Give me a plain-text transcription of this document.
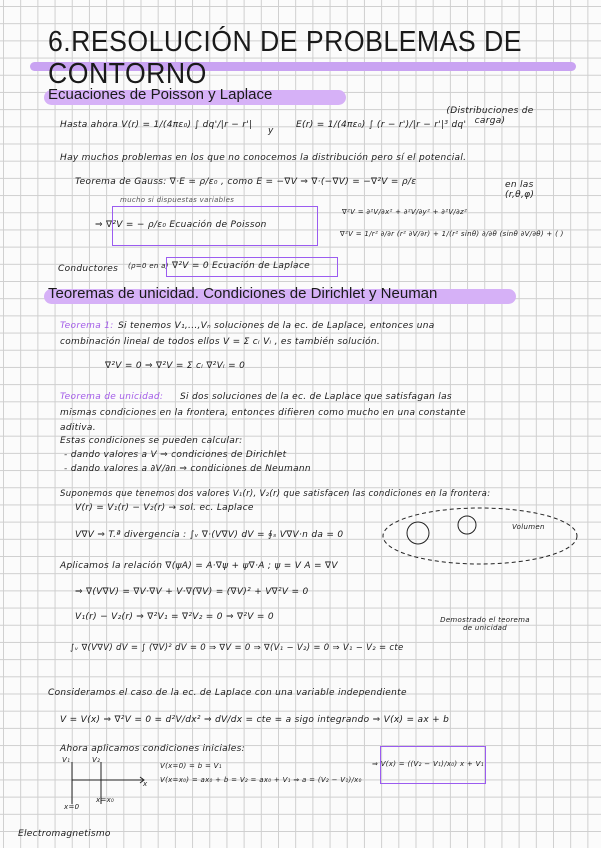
6.RESOLUCIÓN DE PROBLEMAS DE CONTORNO
Ecuaciones de Poisson y Laplace
Hasta ahora V(r) = 1/(4πε₀) ∫ dq'/|r − r'|
y
E(r) = 1/(4πε₀) ∫ (r − r')/|r − r'|³ dq'
(Distribuciones de carga)
Hay muchos problemas en los que no conocemos la distribución pero sí el potencial.
Teorema de Gauss: ∇·E = ρ/ε₀ , como E = −∇V ⇒ ∇·(−∇V) = −∇²V = ρ/ε
mucho si dispuestas variables
en las (r,θ,φ)
⇒ ∇²V = − ρ/ε₀ Ecuación de Poisson
∇²V = ∂²V/∂x² + ∂²V/∂y² + ∂²V/∂z²
∇²V = 1/r² ∂/∂r (r² ∂V/∂r) + 1/(r² sinθ) ∂/∂θ (sinθ ∂V/∂θ) + ( )
Conductores (ρ=0 en a) ∇²V = 0 Ecuación de Laplace
Teoremas de unicidad. Condiciones de Dirichlet y Neuman
Teorema 1: Si tenemos V₁,...,Vₙ soluciones de la ec. de Laplace, entonces una
combinación lineal de todos ellos V = Σ cᵢ Vᵢ , es también solución.
∇²V = 0 ⇒ ∇²V = Σ cᵢ ∇²Vᵢ = 0
Teorema de unicidad: Si dos soluciones de la ec. de Laplace que satisfagan las
mismas condiciones en la frontera, entonces difieren como mucho en una constante
aditiva.
Estas condiciones se pueden calcular:
- dando valores a V ⇒ condiciones de Dirichlet
- dando valores a ∂V/∂n ⇒ condiciones de Neumann
Suponemos que tenemos dos valores V₁(r), V₂(r) que satisfacen las condiciones en la frontera:
V(r) = V₁(r) − V₂(r) → sol. ec. Laplace
V∇V ⇒ T.ª divergencia : ∫ᵥ ∇·(V∇V) dV = ∮ₛ V∇V·n da = 0
Volumen
Aplicamos la relación ∇(ψA) = A·∇ψ + ψ∇·A ; ψ = V A = ∇V
⇒ ∇(V∇V) = ∇V·∇V + V·∇(∇V) = (∇V)² + V∇²V = 0
V₁(r) − V₂(r) ⇒ ∇²V₁ = ∇²V₂ = 0 ⇒ ∇²V = 0	Demostrado el teorema de unicidad
∫ᵥ ∇(V∇V) dV = ∫ (∇V)² dV = 0 ⇒ ∇V = 0 ⇒ ∇(V₁ − V₂) = 0 ⇒ V₁ − V₂ = cte
Consideramos el caso de la ec. de Laplace con una variable independiente
V = V(x) ⇒ ∇²V = 0 = d²V/dx² ⇒ dV/dx = cte = a sigo integrando ⇒ V(x) = ax + b
Ahora aplicamos condiciones iniciales:
V₁	V₂
x
x=0
x=x₀
V(x=0) = b = V₁
V(x=x₀) = ax₀ + b = V₂ = ax₀ + V₁ ⇒ a = (V₂ − V₁)/x₀
⇒ V(x) = ((V₂ − V₁)/x₀) x + V₁
Electromagnetismo
